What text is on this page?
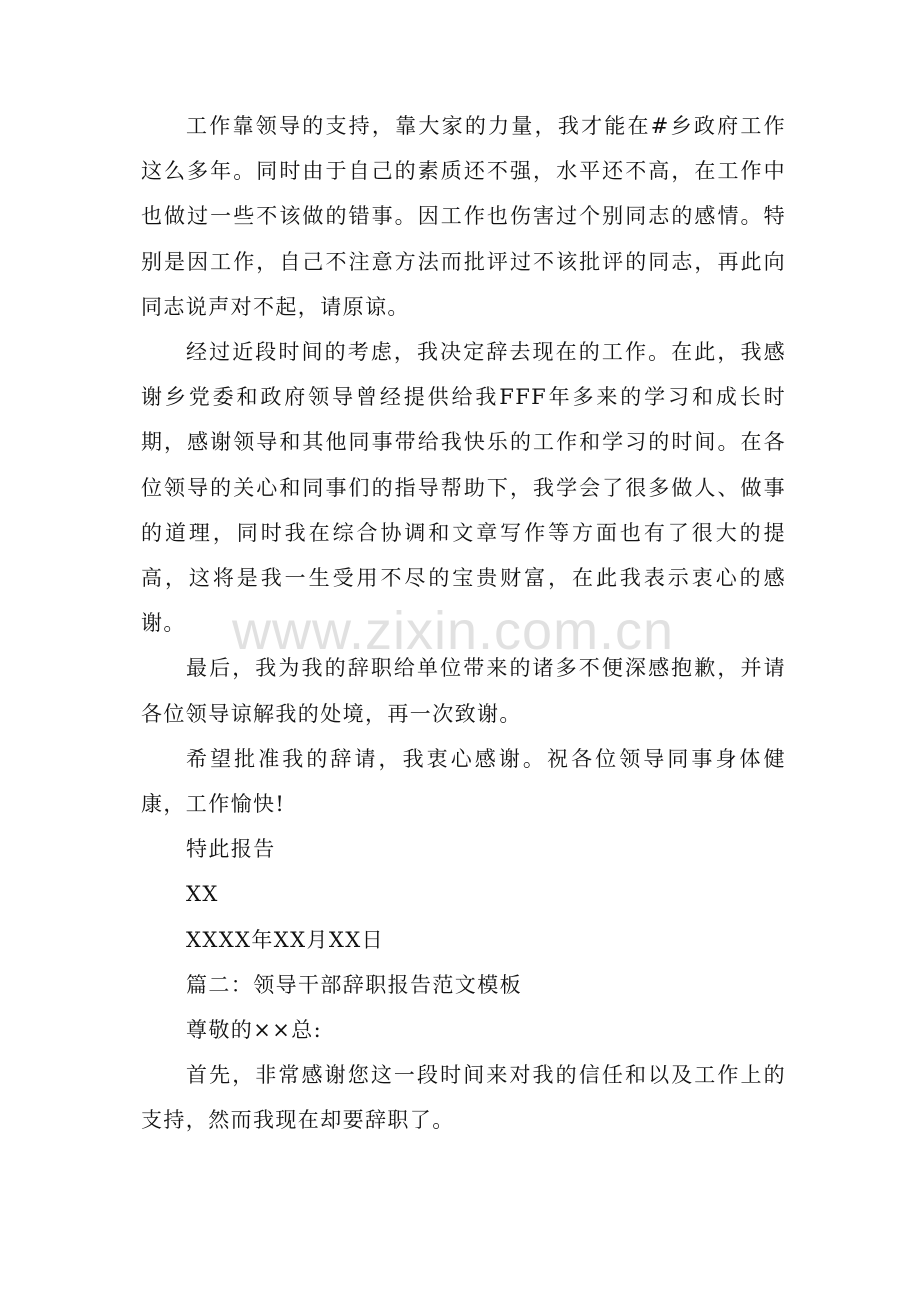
工作靠领导的支持，靠大家的力量，我才能在#乡政府工作这么多年。同时由于自己的素质还不强，水平还不高，在工作中也做过一些不该做的错事。因工作也伤害过个别同志的感情。特别是因工作，自己不注意方法而批评过不该批评的同志，再此向同志说声对不起，请原谅。

经过近段时间的考虑，我决定辞去现在的工作。在此，我感谢乡党委和政府领导曾经提供给我FFF年多来的学习和成长时期，感谢领导和其他同事带给我快乐的工作和学习的时间。在各位领导的关心和同事们的指导帮助下，我学会了很多做人、做事的道理，同时我在综合协调和文章写作等方面也有了很大的提高，这将是我一生受用不尽的宝贵财富，在此我表示衷心的感谢。

最后，我为我的辞职给单位带来的诸多不便深感抱歉，并请各位领导谅解我的处境，再一次致谢。

希望批准我的辞请，我衷心感谢。祝各位领导同事身体健康，工作愉快!

特此报告

XX

XXXX年XX月XX日

篇二：领导干部辞职报告范文模板

尊敬的××总:

首先，非常感谢您这一段时间来对我的信任和以及工作上的支持，然而我现在却要辞职了。

www.zixin.com.cn
